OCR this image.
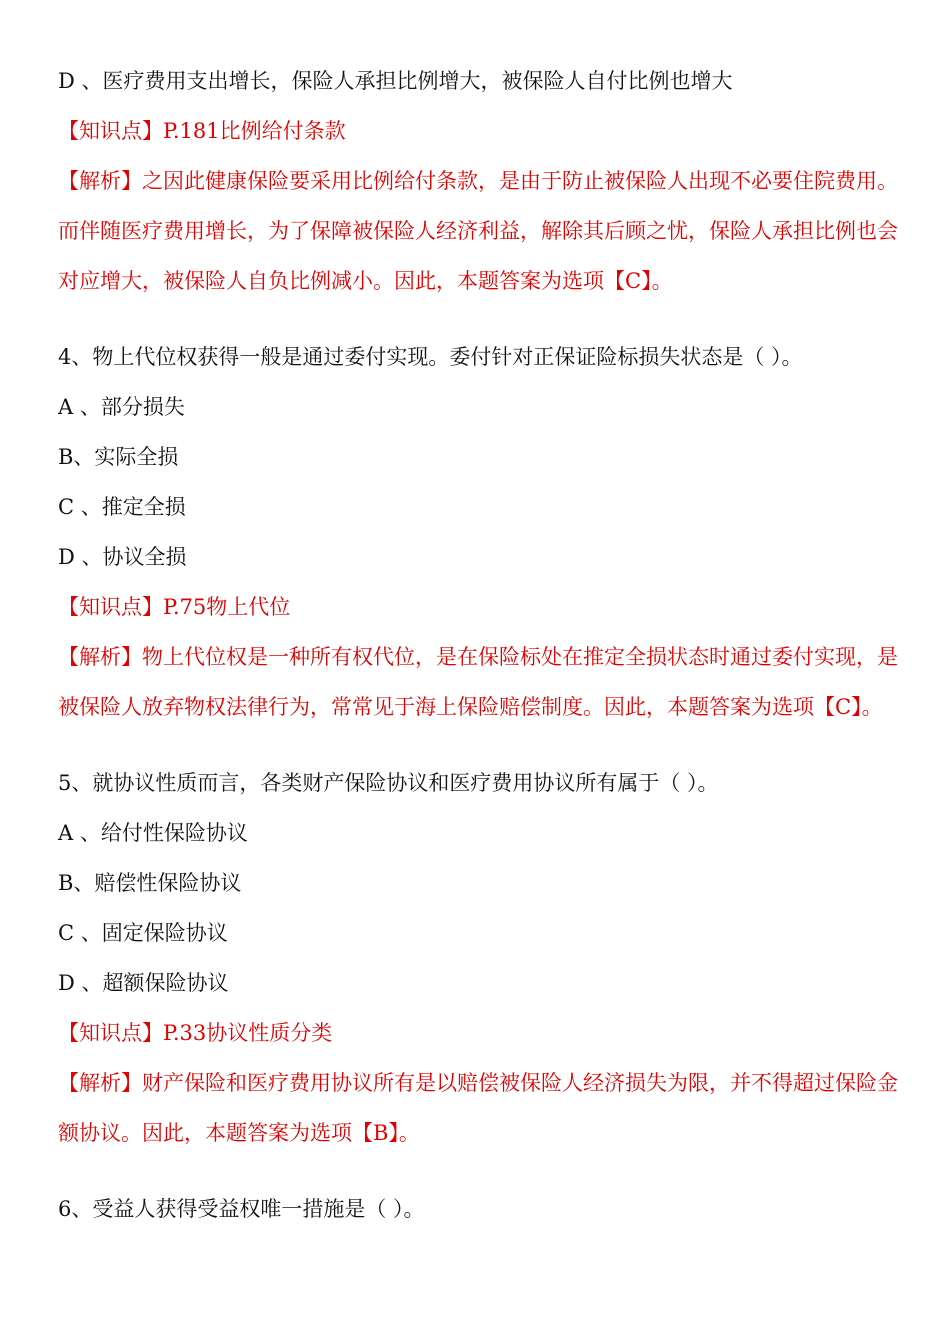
D 、医疗费用支出增长，保险人承担比例增大，被保险人自付比例也增大

【知识点】P.181比例给付条款

【解析】之因此健康保险要采用比例给付条款，是由于防止被保险人出现不必要住院费用。而伴随医疗费用增长，为了保障被保险人经济利益，解除其后顾之忧，保险人承担比例也会对应增大，被保险人自负比例减小。因此，本题答案为选项【C】。

4、物上代位权获得一般是通过委付实现。委付针对正保证险标损失状态是（ ）。

A 、部分损失

B、实际全损

C 、推定全损

D 、协议全损

【知识点】P.75物上代位

【解析】物上代位权是一种所有权代位，是在保险标处在推定全损状态时通过委付实现，是被保险人放弃物权法律行为，常常见于海上保险赔偿制度。因此，本题答案为选项【C】。

5、就协议性质而言，各类财产保险协议和医疗费用协议所有属于（ ）。

A 、给付性保险协议

B、赔偿性保险协议

C 、固定保险协议

D 、超额保险协议

【知识点】P.33协议性质分类

【解析】财产保险和医疗费用协议所有是以赔偿被保险人经济损失为限，并不得超过保险金额协议。因此，本题答案为选项【B】。

6、受益人获得受益权唯一措施是（ ）。
